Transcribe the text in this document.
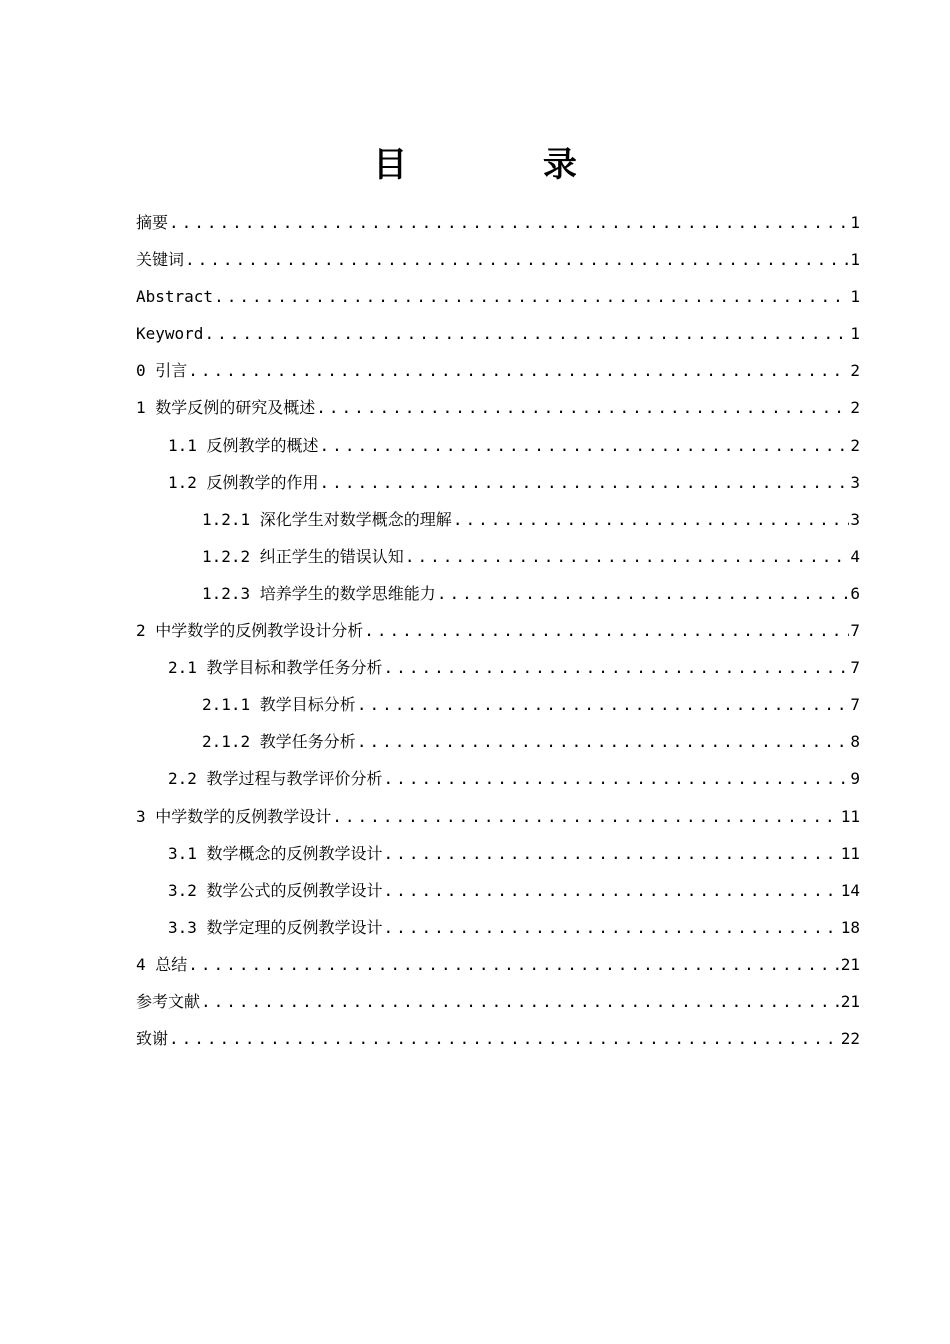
目 录
摘要 .....	1
关键词 .....	1
Abstract .....	1
Keyword .....	1
0 引言 .....	2
1 数学反例的研究及概述 .....	2
1.1 反例教学的概述 .....	2
1.2 反例教学的作用 .....	3
1.2.1 深化学生对数学概念的理解 .....	3
1.2.2 纠正学生的错误认知 .....	4
1.2.3 培养学生的数学思维能力 .....	6
2 中学数学的反例教学设计分析 .....	7
2.1 教学目标和教学任务分析 .....	7
2.1.1 教学目标分析 .....	7
2.1.2 教学任务分析 .....	8
2.2 教学过程与教学评价分析 .....	9
3 中学数学的反例教学设计 .....	11
3.1 数学概念的反例教学设计 .....	11
3.2 数学公式的反例教学设计 .....	14
3.3 数学定理的反例教学设计 .....	18
4 总结 .....	21
参考文献 .....	21
致谢 .....	22
